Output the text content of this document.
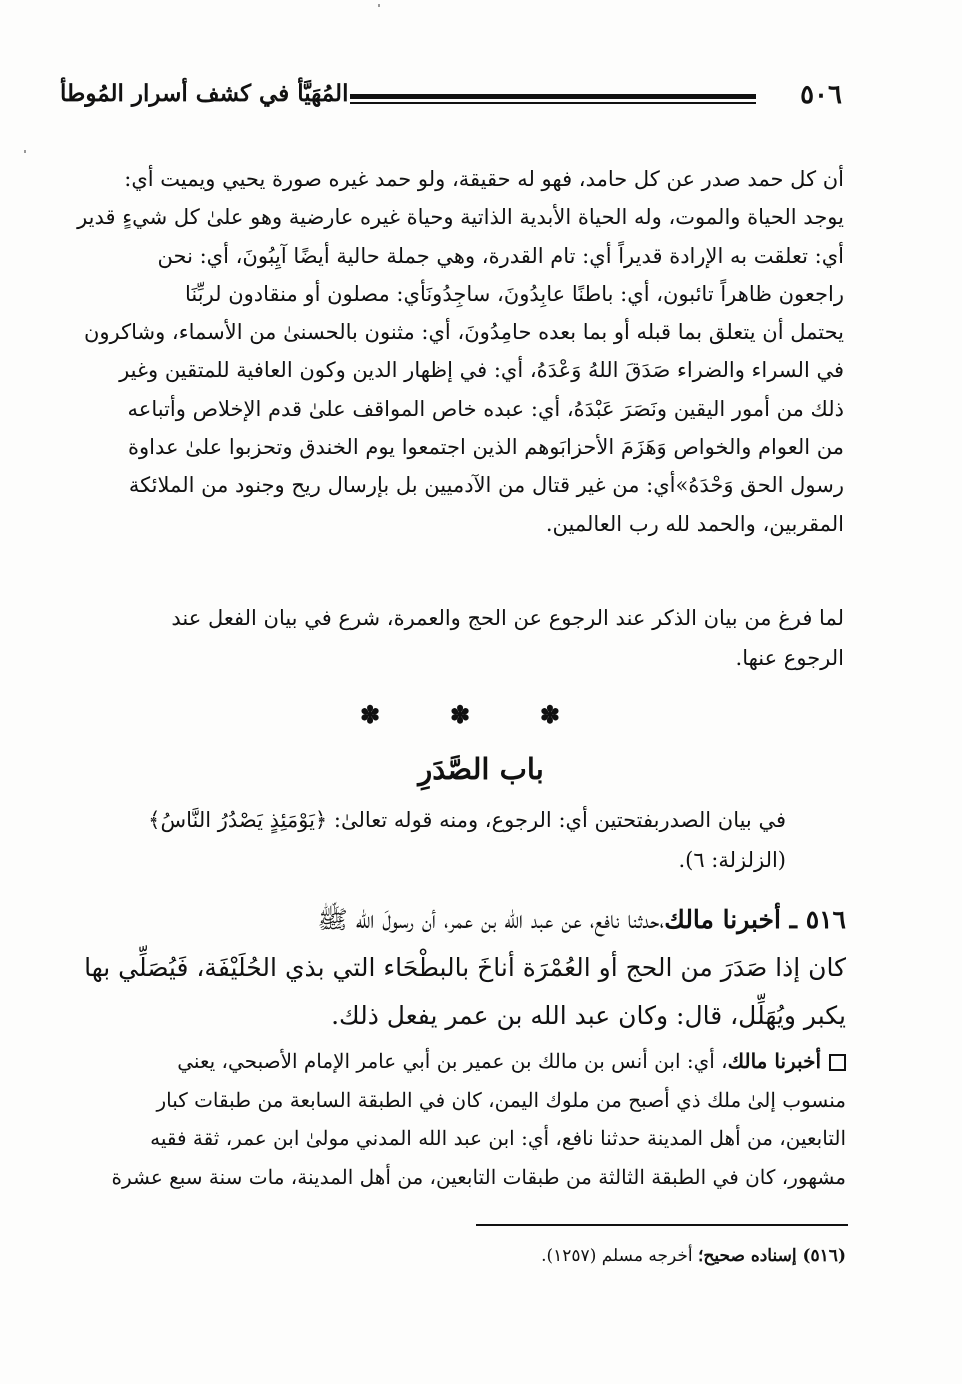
٥٠٦
المُهَيَّأ في كشف أسرار المُوطأ
أن كل حمد صدر عن كل حامد، فهو له حقيقة، ولو حمد غيره صورة يحيي ويميت أي:
يوجد الحياة والموت، وله الحياة الأبدية الذاتية وحياة غيره عارضية وهو علىٰ كل شيءٍ قدير
أي: تعلقت به الإرادة قديراً أي: تام القدرة، وهي جملة حالية أيضًا آيِبُونَ، أي: نحن
راجعون ظاهراً تائبون، أي: باطنًا عابِدُونَ، ساجِدُونَأي: مصلون أو منقادون لربِّنَا
يحتمل أن يتعلق بما قبله أو بما بعده حامِدُونَ، أي: مثنون بالحسنىٰ من الأسماء، وشاكرون
في السراء والضراء صَدَقَ اللهُ وَعْدَهُ، أي: في إظهار الدين وكون العافية للمتقين وغير
ذلك من أمور اليقين ونَصَرَ عَبْدَهُ، أي: عبده خاص المواقف علىٰ قدم الإخلاص وأتباعه
من العوام والخواص وَهَزَمَ الأحزابَوهم الذين اجتمعوا يوم الخندق وتحزبوا علىٰ عداوة
رسول الحق وَحْدَهُ»أي: من غير قتال من الآدميين بل بإرسال ريح وجنود من الملائكة
المقربين، والحمد لله رب العالمين.
لما فرغ من بيان الذكر عند الرجوع عن الحج والعمرة، شرع في بيان الفعل عند
الرجوع عنها.
✽	✽	✽
باب الصَّدَرِ
في بيان الصدربفتحتين أي: الرجوع، ومنه قوله تعالىٰ: ﴿يَوْمَئِذٍ يَصْدُرُ النَّاسُ﴾
(الزلزلة: ٦).
٥١٦ ـ أخبرنا مالك،حدثنا نافع، عن عبد الله بن عمر، أن رسولَ الله ﷺ
كان إذا صَدَرَ من الحج أو العُمْرَة أناخَ بالبطْحَاء التي بذي الحُلَيْفَة، فَيُصَلِّي بها
يكبر ويُهَلِّل، قال: وكان عبد الله بن عمر يفعل ذلك.
أخبرنا مالك، أي: ابن أنس بن مالك بن عمير بن أبي عامر الإمام الأصبحي، يعني
منسوب إلىٰ ملك ذي أصبح من ملوك اليمن، كان في الطبقة السابعة من طبقات كبار
التابعين، من أهل المدينة حدثنا نافع، أي: ابن عبد الله المدني مولىٰ ابن عمر، ثقة فقيه
مشهور، كان في الطبقة الثالثة من طبقات التابعين، من أهل المدينة، مات سنة سبع عشرة
(٥١٦) إسناده صحيح؛ أخرجه مسلم (١٢٥٧).
